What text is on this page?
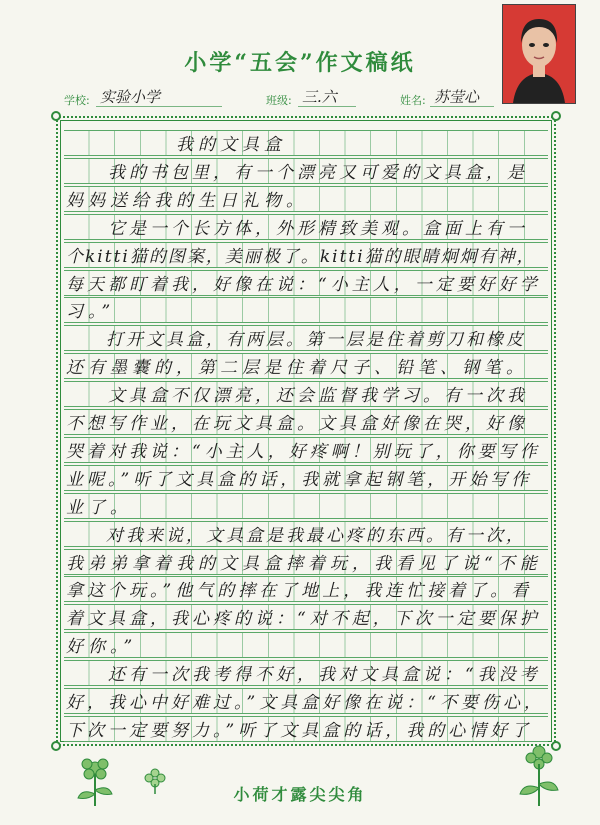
小学“五会”作文稿纸
学校: 实验小学	班级: 三.六	姓名: 苏莹心
　　　　　我的文具盒
　　我的书包里，有一个漂亮又可爱的文具盒，是
妈妈送给我的生日礼物。
　　它是一个长方体，外形精致美观。盒面上有一
个kitti猫的图案，美丽极了。kitti猫的眼睛炯炯有神，
每天都盯着我，好像在说：“小主人，一定要好好学
习。”
　　打开文具盒，有两层。第一层是住着剪刀和橡皮
还有墨囊的，第二层是住着尺子、铅笔、钢笔。
　　文具盒不仅漂亮，还会监督我学习。有一次我
不想写作业，在玩文具盒。文具盒好像在哭，好像
哭着对我说：“小主人，好疼啊！别玩了，你要写作
业呢。”听了文具盒的话，我就拿起钢笔，开始写作
业了。
　　对我来说，文具盒是我最心疼的东西。有一次，
我弟弟拿着我的文具盒摔着玩，我看见了说“不能
拿这个玩。”他气的摔在了地上，我连忙接着了。看
着文具盒，我心疼的说：“对不起，下次一定要保护
好你。”
　　还有一次我考得不好，我对文具盒说：“我没考
好，我心中好难过。”文具盒好像在说：“不要伤心，
下次一定要努力。”听了文具盒的话，我的心情好了
小荷才露尖尖角
